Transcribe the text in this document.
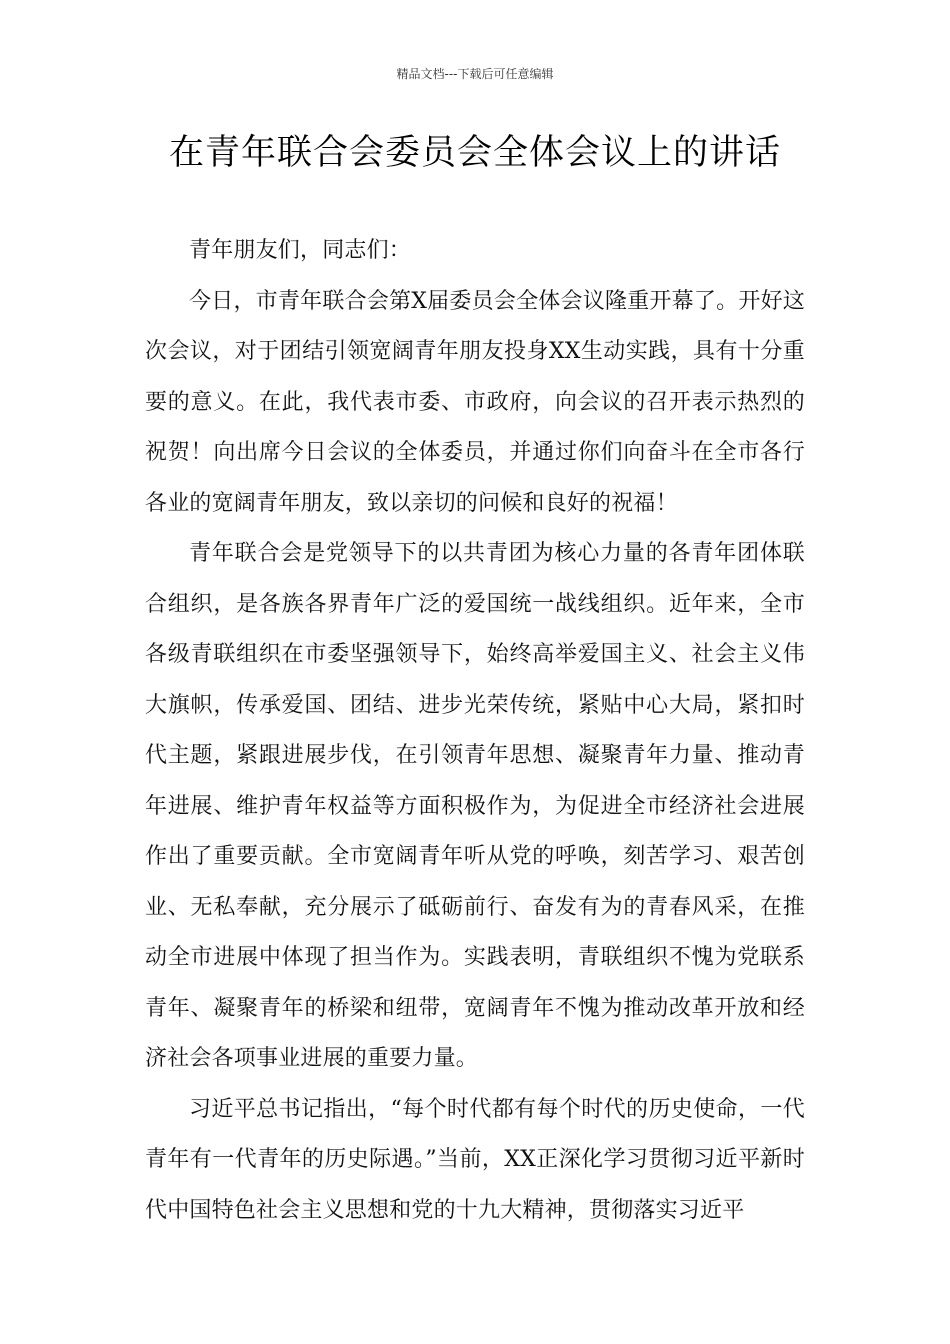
精品文档---下载后可任意编辑
在青年联合会委员会全体会议上的讲话

青年朋友们，同志们：

今日，市青年联合会第X届委员会全体会议隆重开幕了。开好这次会议，对于团结引领宽阔青年朋友投身XX生动实践，具有十分重要的意义。在此，我代表市委、市政府，向会议的召开表示热烈的祝贺！向出席今日会议的全体委员，并通过你们向奋斗在全市各行各业的宽阔青年朋友，致以亲切的问候和良好的祝福！

青年联合会是党领导下的以共青团为核心力量的各青年团体联合组织，是各族各界青年广泛的爱国统一战线组织。近年来，全市各级青联组织在市委坚强领导下，始终高举爱国主义、社会主义伟大旗帜，传承爱国、团结、进步光荣传统，紧贴中心大局，紧扣时代主题，紧跟进展步伐，在引领青年思想、凝聚青年力量、推动青年进展、维护青年权益等方面积极作为，为促进全市经济社会进展作出了重要贡献。全市宽阔青年听从党的呼唤，刻苦学习、艰苦创业、无私奉献，充分展示了砥砺前行、奋发有为的青春风采，在推动全市进展中体现了担当作为。实践表明，青联组织不愧为党联系青年、凝聚青年的桥梁和纽带，宽阔青年不愧为推动改革开放和经济社会各项事业进展的重要力量。

习近平总书记指出，“每个时代都有每个时代的历史使命，一代青年有一代青年的历史际遇。”当前，XX正深化学习贯彻习近平新时代中国特色社会主义思想和党的十九大精神，贯彻落实习近平
